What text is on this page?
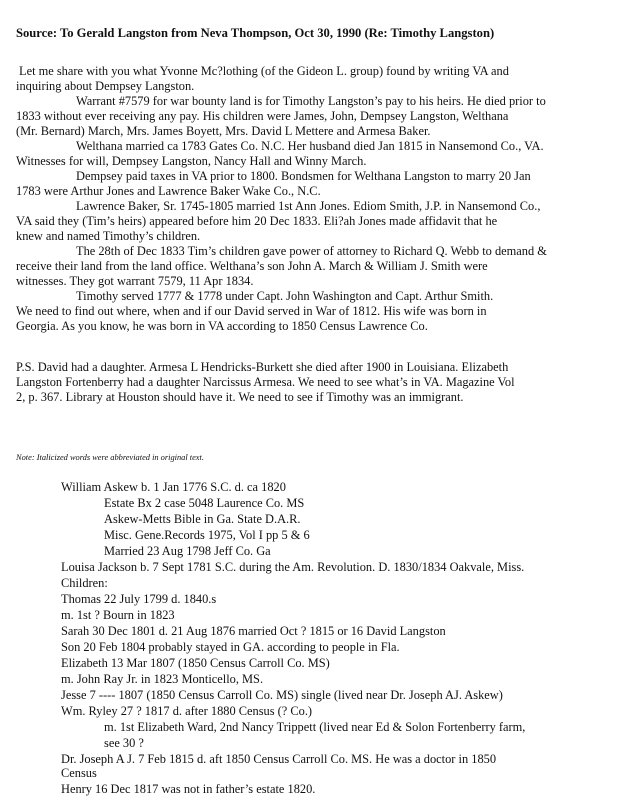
Source: To Gerald Langston from Neva Thompson, Oct 30, 1990 (Re: Timothy Langston)
Let me share with you what Yvonne Mc?lothing (of the Gideon L. group) found by writing VA and
inquiring about Dempsey Langston.
Warrant #7579 for war bounty land is for Timothy Langston’s pay to his heirs. He died prior to
1833 without ever receiving any pay. His children were James, John, Dempsey Langston, Welthana
(Mr. Bernard) March, Mrs. James Boyett, Mrs. David L Mettere and Armesa Baker.
Welthana married ca 1783 Gates Co. N.C. Her husband died Jan 1815 in Nansemond Co., VA.
Witnesses for will, Dempsey Langston, Nancy Hall and Winny March.
Dempsey paid taxes in VA prior to 1800. Bondsmen for Welthana Langston to marry 20 Jan
1783 were Arthur Jones and Lawrence Baker Wake Co., N.C.
Lawrence Baker, Sr. 1745-1805 married 1st Ann Jones. Ediom Smith, J.P. in Nansemond Co.,
VA said they (Tim’s heirs) appeared before him 20 Dec 1833. Eli?ah Jones made affidavit that he
knew and named Timothy’s children.
The 28th of Dec 1833 Tim’s children gave power of attorney to Richard Q. Webb to demand &
receive their land from the land office. Welthana’s son John A. March & William J. Smith were
witnesses. They got warrant 7579, 11 Apr 1834.
Timothy served 1777 & 1778 under Capt. John Washington and Capt. Arthur Smith.
We need to find out where, when and if our David served in War of 1812. His wife was born in
Georgia. As you know, he was born in VA according to 1850 Census Lawrence Co.
P.S. David had a daughter. Armesa L Hendricks-Burkett she died after 1900 in Louisiana. Elizabeth
Langston Fortenberry had a daughter Narcissus Armesa. We need to see what’s in VA. Magazine Vol
2, p. 367. Library at Houston should have it. We need to see if Timothy was an immigrant.
Note: Italicized words were abbreviated in original text.
William Askew b. 1 Jan 1776 S.C. d. ca 1820
Estate Bx 2 case 5048 Laurence Co. MS
Askew-Metts Bible in Ga. State D.A.R.
Misc. Gene.Records 1975, Vol I pp 5 & 6
Married 23 Aug 1798 Jeff Co. Ga
Louisa Jackson b. 7 Sept 1781 S.C. during the Am. Revolution. D. 1830/1834 Oakvale, Miss.
Children:
Thomas 22 July 1799 d. 1840.s
m. 1st ? Bourn in 1823
Sarah 30 Dec 1801 d. 21 Aug 1876 married Oct ? 1815 or 16 David Langston
Son 20 Feb 1804 probably stayed in GA. according to people in Fla.
Elizabeth 13 Mar 1807 (1850 Census Carroll Co. MS)
m. John Ray Jr. in 1823 Monticello, MS.
Jesse 7 ---- 1807 (1850 Census Carroll Co. MS) single (lived near Dr. Joseph AJ. Askew)
Wm. Ryley 27 ? 1817 d. after 1880 Census (? Co.)
m. 1st Elizabeth Ward, 2nd Nancy Trippett (lived near Ed & Solon Fortenberry farm,
see 30 ?
Dr. Joseph A J. 7 Feb 1815 d. aft 1850 Census Carroll Co. MS. He was a doctor in 1850
Census
Henry 16 Dec 1817 was not in father’s estate 1820.
